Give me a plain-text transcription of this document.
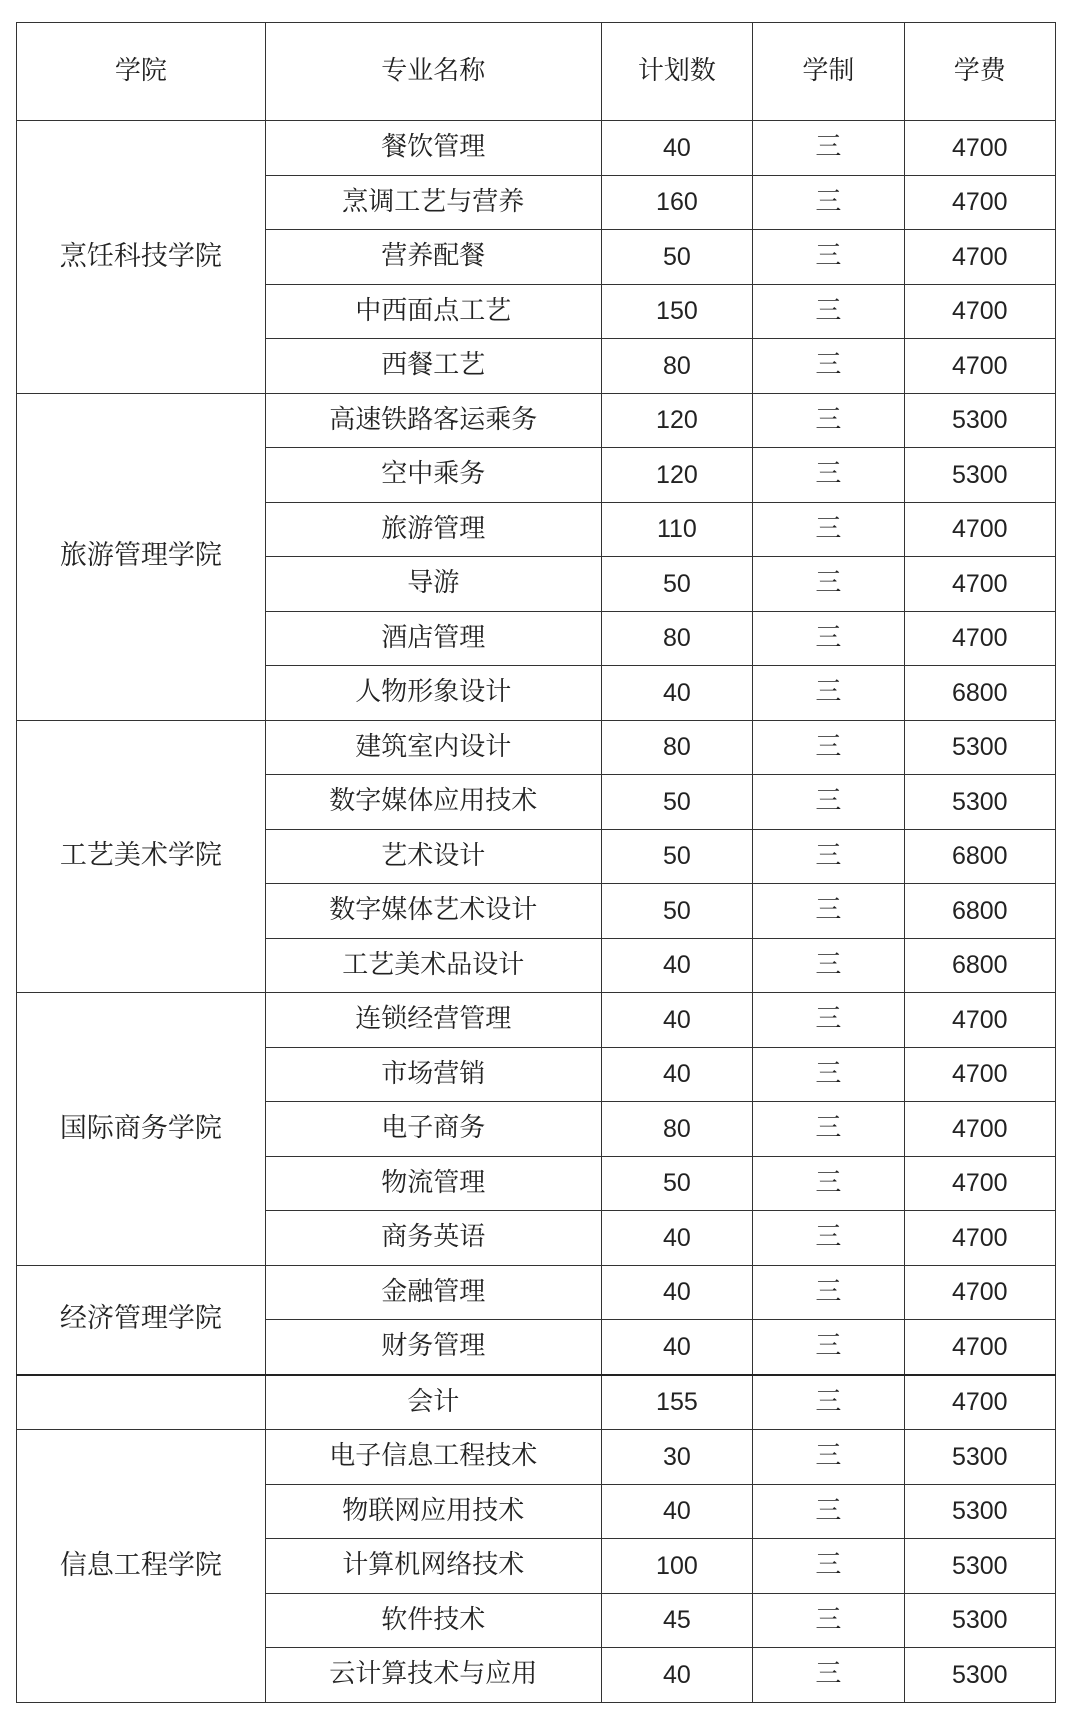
学院	专业名称	计划数	学制	学费
烹饪科技学院	餐饮管理	40	三	4700
	烹调工艺与营养	160	三	4700
	营养配餐	50	三	4700
	中西面点工艺	150	三	4700
	西餐工艺	80	三	4700
旅游管理学院	高速铁路客运乘务	120	三	5300
	空中乘务	120	三	5300
	旅游管理	110	三	4700
	导游	50	三	4700
	酒店管理	80	三	4700
	人物形象设计	40	三	6800
工艺美术学院	建筑室内设计	80	三	5300
	数字媒体应用技术	50	三	5300
	艺术设计	50	三	6800
	数字媒体艺术设计	50	三	6800
	工艺美术品设计	40	三	6800
国际商务学院	连锁经营管理	40	三	4700
	市场营销	40	三	4700
	电子商务	80	三	4700
	物流管理	50	三	4700
	商务英语	40	三	4700
经济管理学院	金融管理	40	三	4700
	财务管理	40	三	4700
	会计	155	三	4700
信息工程学院	电子信息工程技术	30	三	5300
	物联网应用技术	40	三	5300
	计算机网络技术	100	三	5300
	软件技术	45	三	5300
	云计算技术与应用	40	三	5300
